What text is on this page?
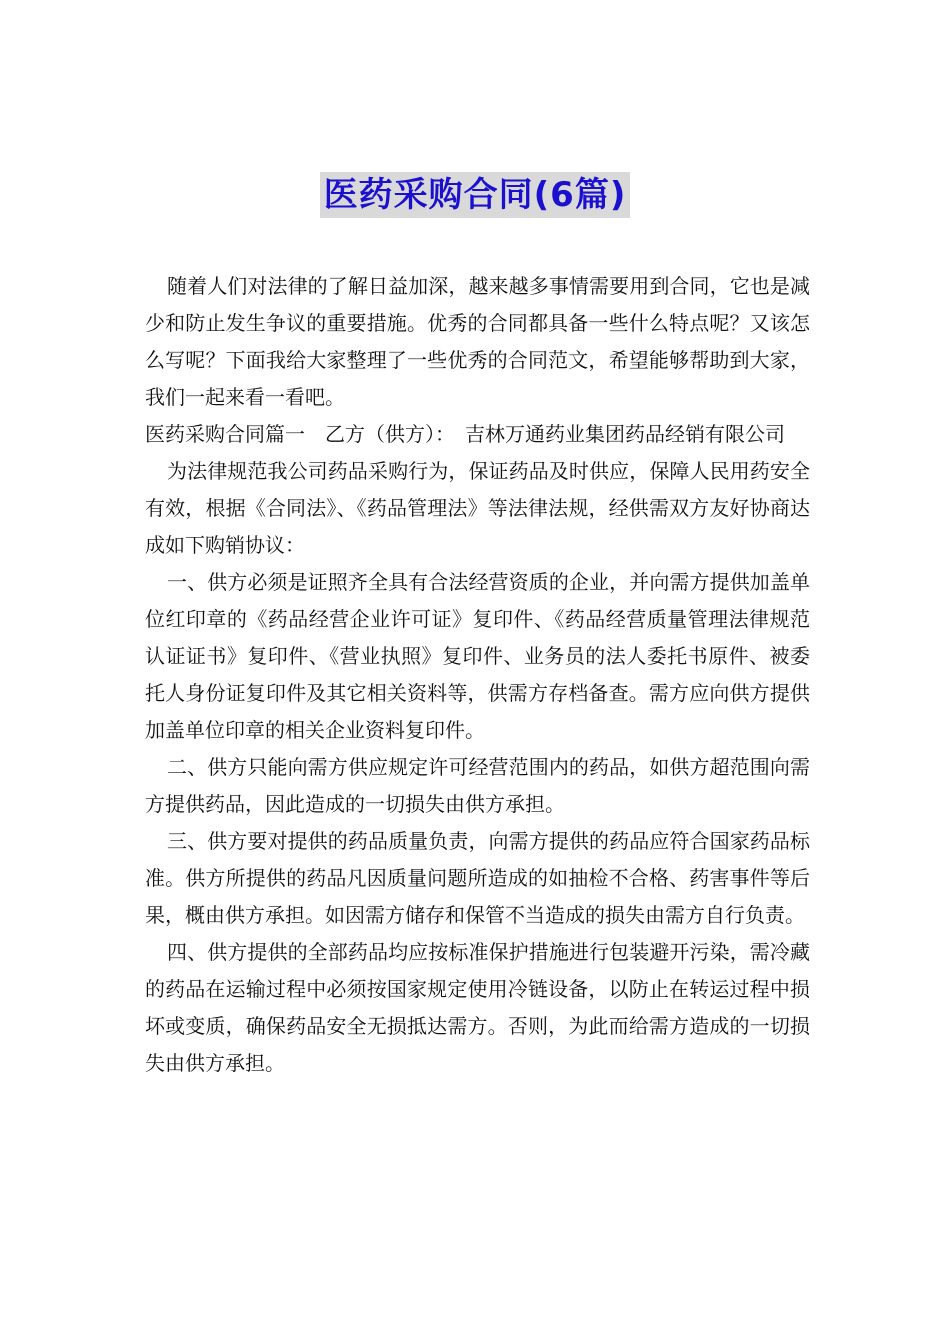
医药采购合同(6篇)

随着人们对法律的了解日益加深，越来越多事情需要用到合同，它也是减少和防止发生争议的重要措施。优秀的合同都具备一些什么特点呢？又该怎么写呢？下面我给大家整理了一些优秀的合同范文，希望能够帮助到大家，我们一起来看一看吧。

医药采购合同篇一　乙方（供方）：　吉林万通药业集团药品经销有限公司

为法律规范我公司药品采购行为，保证药品及时供应，保障人民用药安全有效，根据《合同法》、《药品管理法》等法律法规，经供需双方友好协商达成如下购销协议：

一、供方必须是证照齐全具有合法经营资质的企业，并向需方提供加盖单位红印章的《药品经营企业许可证》复印件、《药品经营质量管理法律规范认证证书》复印件、《营业执照》复印件、业务员的法人委托书原件、被委托人身份证复印件及其它相关资料等，供需方存档备查。需方应向供方提供加盖单位印章的相关企业资料复印件。

二、供方只能向需方供应规定许可经营范围内的药品，如供方超范围向需方提供药品，因此造成的一切损失由供方承担。

三、供方要对提供的药品质量负责，向需方提供的药品应符合国家药品标准。供方所提供的药品凡因质量问题所造成的如抽检不合格、药害事件等后果，概由供方承担。如因需方储存和保管不当造成的损失由需方自行负责。

四、供方提供的全部药品均应按标准保护措施进行包装避开污染，需冷藏的药品在运输过程中必须按国家规定使用冷链设备，以防止在转运过程中损坏或变质，确保药品安全无损抵达需方。否则，为此而给需方造成的一切损失由供方承担。
